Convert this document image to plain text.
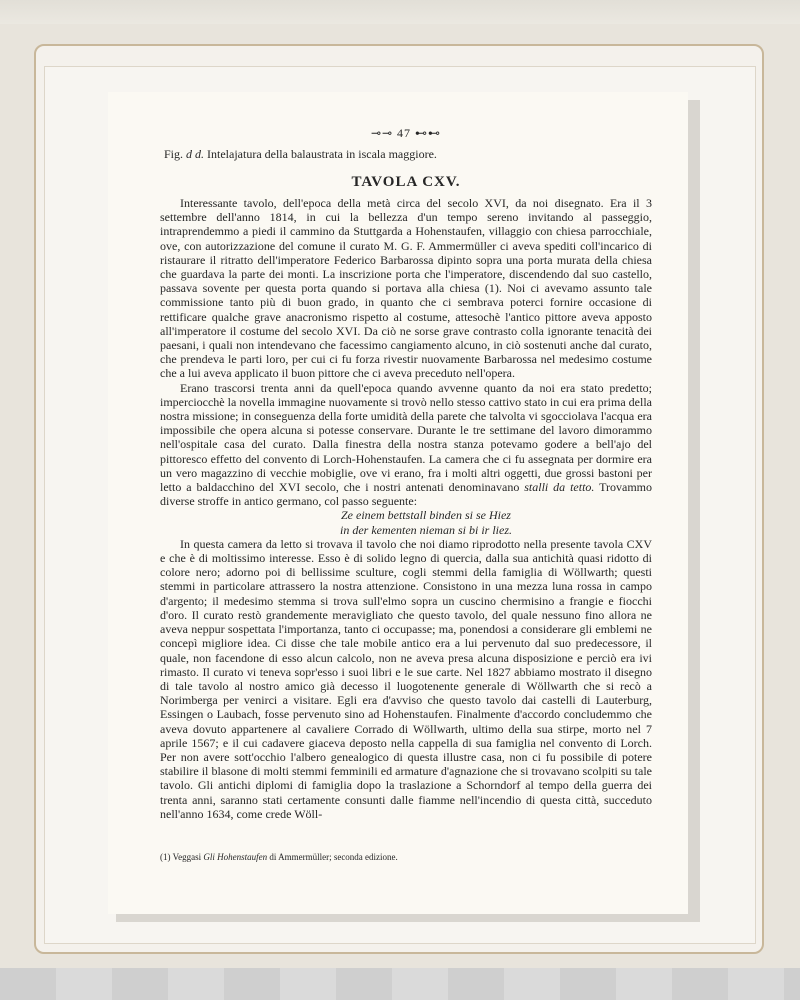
⊸⊸ 47 ⊷⊷
Fig. d d. Intelajatura della balaustrata in iscala maggiore.
TAVOLA CXV.

Interessante tavolo, dell'epoca della metà circa del secolo XVI, da noi disegnato. Era il 3 settembre dell'anno 1814, in cui la bellezza d'un tempo sereno invitando al passeggio, intraprendemmo a piedi il cammino da Stuttgarda a Hohenstaufen, villaggio con chiesa parrocchiale, ove, con autorizzazione del comune il curato M. G. F. Ammermüller ci aveva spediti coll'incarico di ristaurare il ritratto dell'imperatore Federico Barbarossa dipinto sopra una porta murata della chiesa che guardava la parte dei monti. La inscrizione porta che l'imperatore, discendendo dal suo castello, passava sovente per questa porta quando si portava alla chiesa (1). Noi ci avevamo assunto tale commissione tanto più di buon grado, in quanto che ci sembrava poterci fornire occasione di rettificare qualche grave anacronismo rispetto al costume, attesochè l'antico pittore aveva apposto all'imperatore il costume del secolo XVI. Da ciò ne sorse grave contrasto colla ignorante tenacità dei paesani, i quali non intendevano che facessimo cangiamento alcuno, in ciò sostenuti anche dal curato, che prendeva le parti loro, per cui ci fu forza rivestir nuovamente Barbarossa nel medesimo costume che a lui aveva applicato il buon pittore che ci aveva preceduto nell'opera.

Erano trascorsi trenta anni da quell'epoca quando avvenne quanto da noi era stato predetto; imperciocchè la novella immagine nuovamente si trovò nello stesso cattivo stato in cui era prima della nostra missione; in conseguenza della forte umidità della parete che talvolta vi sgocciolava l'acqua era impossibile che opera alcuna si potesse conservare. Durante le tre settimane del lavoro dimorammo nell'ospitale casa del curato. Dalla finestra della nostra stanza potevamo godere a bell'ajo del pittoresco effetto del convento di Lorch-Hohenstaufen. La camera che ci fu assegnata per dormire era un vero magazzino di vecchie mobiglie, ove vi erano, fra i molti altri oggetti, due grossi bastoni per letto a baldacchino del XVI secolo, che i nostri antenati denominavano stalli da tetto. Trovammo diverse stroffe in antico germano, col passo seguente:

Ze einem bettstall binden si se Hiez
in der kementen nieman si bi ir liez.

In questa camera da letto si trovava il tavolo che noi diamo riprodotto nella presente tavola CXV e che è di moltissimo interesse. Esso è di solido legno di quercia, dalla sua antichità quasi ridotto di colore nero; adorno poi di bellissime sculture, cogli stemmi della famiglia di Wöllwarth; questi stemmi in particolare attrassero la nostra attenzione. Consistono in una mezza luna rossa in campo d'argento; il medesimo stemma si trova sull'elmo sopra un cuscino chermisino a frangie e fiocchi d'oro. Il curato restò grandemente meravigliato che questo tavolo, del quale nessuno fino allora ne aveva neppur sospettata l'importanza, tanto ci occupasse; ma, ponendosi a considerare gli emblemi ne concepì migliore idea. Ci disse che tale mobile antico era a lui pervenuto dal suo predecessore, il quale, non facendone di esso alcun calcolo, non ne aveva presa alcuna disposizione e perciò era ivi rimasto. Il curato vi teneva sopr'esso i suoi libri e le sue carte. Nel 1827 abbiamo mostrato il disegno di tale tavolo al nostro amico già decesso il luogotenente generale di Wöllwarth che si recò a Norimberga per venirci a visitare. Egli era d'avviso che questo tavolo dai castelli di Lauterburg, Essingen o Laubach, fosse pervenuto sino ad Hohenstaufen. Finalmente d'accordo concludemmo che aveva dovuto appartenere al cavaliere Corrado di Wöllwarth, ultimo della sua stirpe, morto nel 7 aprile 1567; e il cui cadavere giaceva deposto nella cappella di sua famiglia nel convento di Lorch. Per non avere sott'occhio l'albero genealogico di questa illustre casa, non ci fu possibile di potere stabilire il blasone di molti stemmi femminili ed armature d'agnazione che si trovavano scolpiti su tale tavolo. Gli antichi diplomi di famiglia dopo la traslazione a Schorndorf al tempo della guerra dei trenta anni, saranno stati certamente consunti dalle fiamme nell'incendio di questa città, succeduto nell'anno 1634, come crede Wöll-

(1) Veggasi Gli Hohenstaufen di Ammermüller; seconda edizione.
